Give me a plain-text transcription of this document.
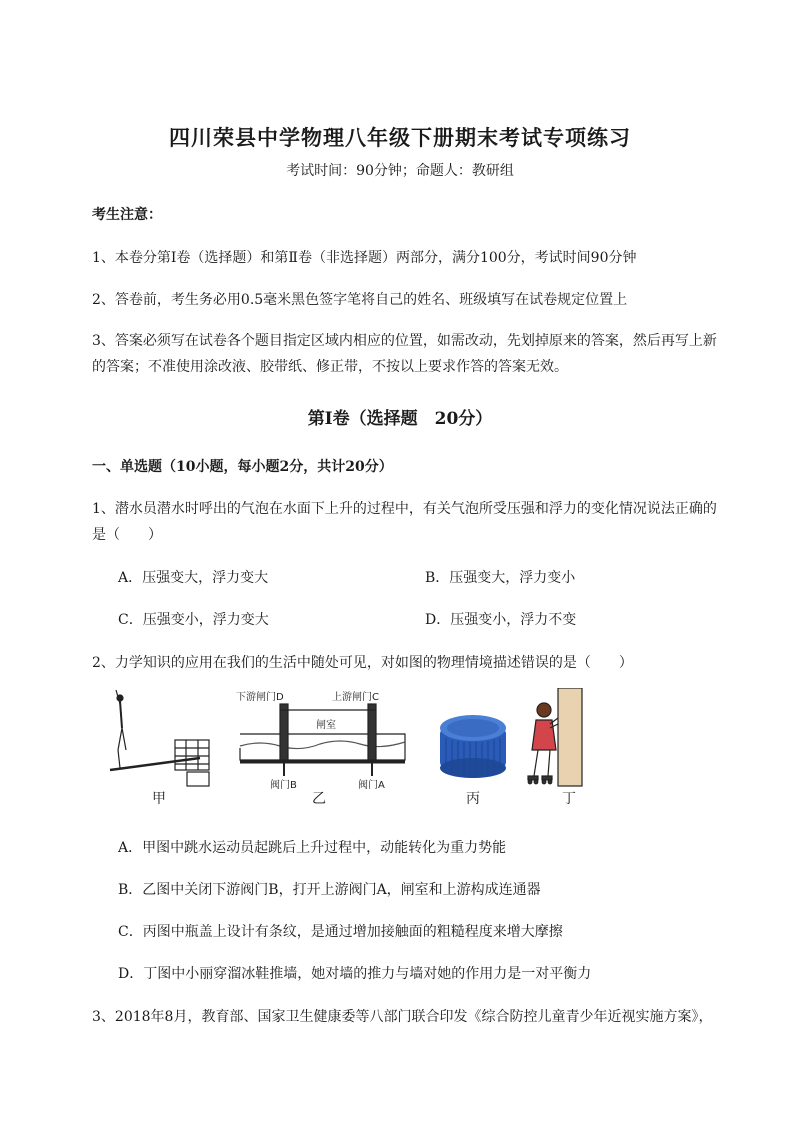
四川荣县中学物理八年级下册期末考试专项练习
考试时间：90分钟；命题人：教研组
考生注意：
1、本卷分第Ⅰ卷（选择题）和第Ⅱ卷（非选择题）两部分，满分100分，考试时间90分钟
2、答卷前，考生务必用0.5毫米黑色签字笔将自己的姓名、班级填写在试卷规定位置上
3、答案必须写在试卷各个题目指定区域内相应的位置，如需改动，先划掉原来的答案，然后再写上新
的答案；不准使用涂改液、胶带纸、修正带，不按以上要求作答的答案无效。
第Ⅰ卷（选择题　20分）
一、单选题（10小题，每小题2分，共计20分）
1、潜水员潜水时呼出的气泡在水面下上升的过程中，有关气泡所受压强和浮力的变化情况说法正确的
是（　　）
A．压强变大，浮力变大	B．压强变大，浮力变小
C．压强变小，浮力变大	D．压强变小，浮力不变
2、力学知识的应用在我们的生活中随处可见，对如图的物理情境描述错误的是（　　）
下游闸门D	上游闸门C
闸室
阀门B	阀门A
甲	乙	丙	丁
A．甲图中跳水运动员起跳后上升过程中，动能转化为重力势能
B．乙图中关闭下游阀门B，打开上游阀门A，闸室和上游构成连通器
C．丙图中瓶盖上设计有条纹，是通过增加接触面的粗糙程度来增大摩擦
D．丁图中小丽穿溜冰鞋推墙，她对墙的推力与墙对她的作用力是一对平衡力
3、2018年8月，教育部、国家卫生健康委等八部门联合印发《综合防控儿童青少年近视实施方案》，
